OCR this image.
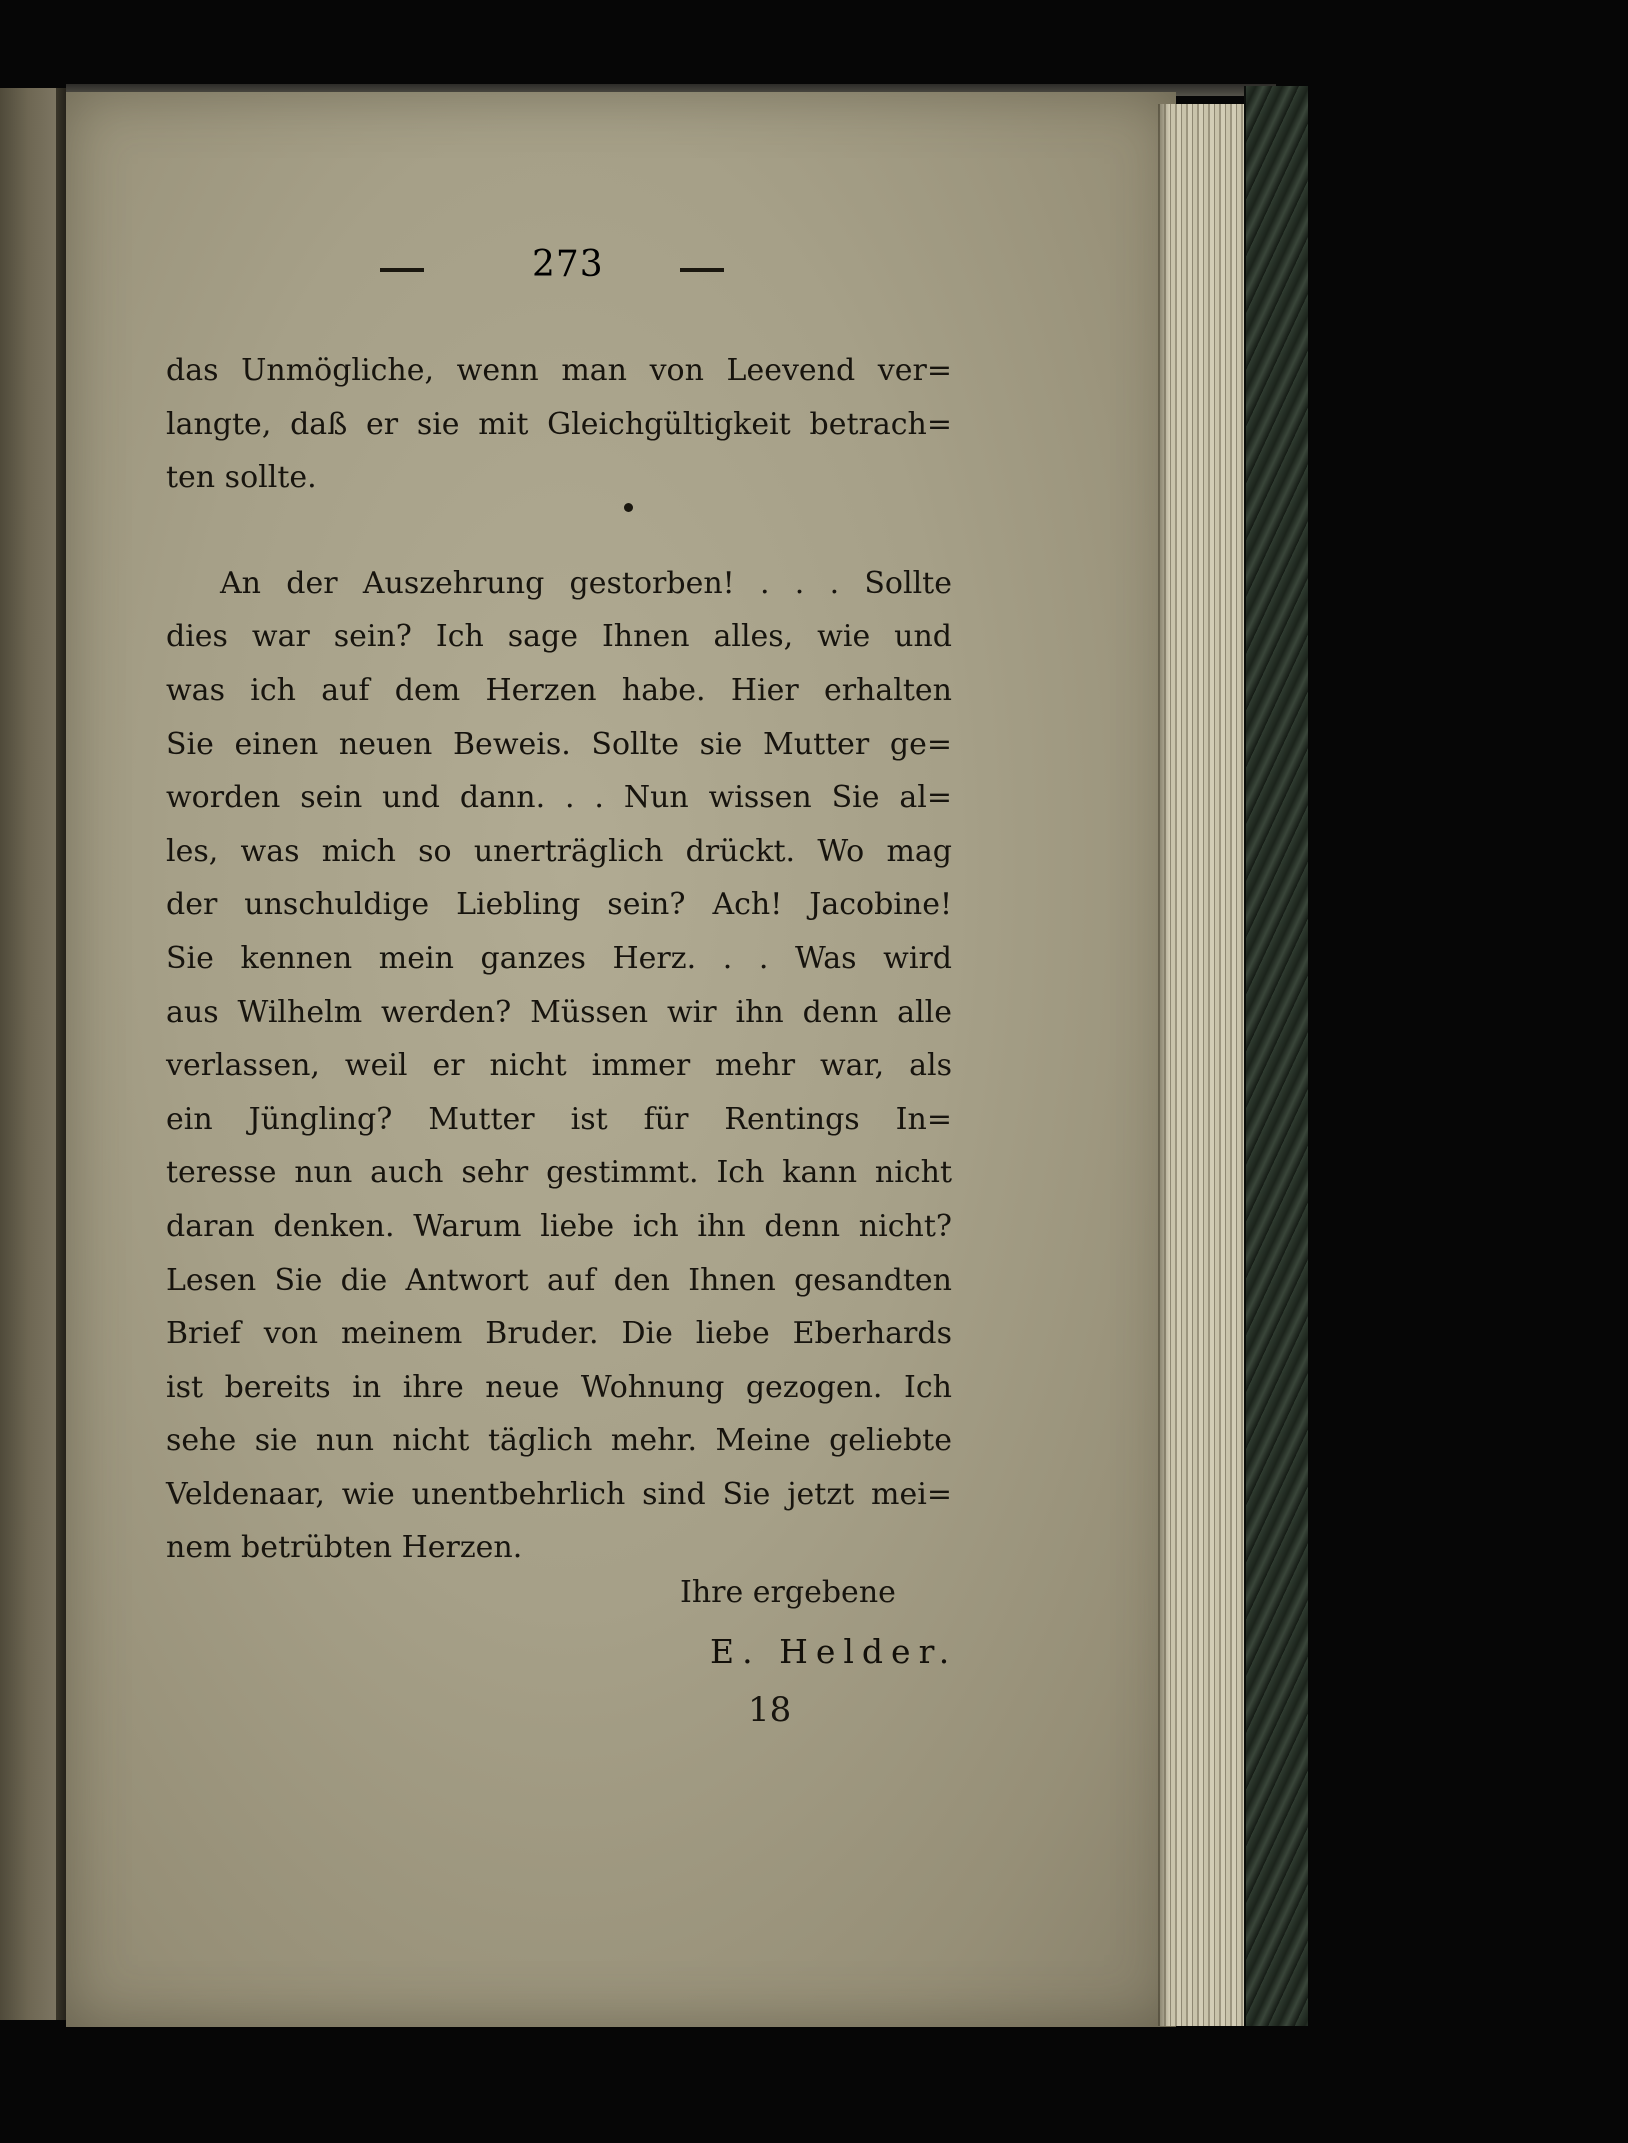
273
das Unmögliche, wenn man von Leevend ver=
langte, daß er sie mit Gleichgültigkeit betrach=
ten sollte.
An der Auszehrung gestorben! . . . Sollte
dies war sein? Ich sage Ihnen alles, wie und
was ich auf dem Herzen habe. Hier erhalten
Sie einen neuen Beweis. Sollte sie Mutter ge=
worden sein und dann. . . Nun wissen Sie al=
les, was mich so unerträglich drückt. Wo mag
der unschuldige Liebling sein? Ach! Jacobine!
Sie kennen mein ganzes Herz. . . Was wird
aus Wilhelm werden? Müssen wir ihn denn alle
verlassen, weil er nicht immer mehr war, als
ein Jüngling? Mutter ist für Rentings In=
teresse nun auch sehr gestimmt. Ich kann nicht
daran denken. Warum liebe ich ihn denn nicht?
Lesen Sie die Antwort auf den Ihnen gesandten
Brief von meinem Bruder. Die liebe Eberhards
ist bereits in ihre neue Wohnung gezogen. Ich
sehe sie nun nicht täglich mehr. Meine geliebte
Veldenaar, wie unentbehrlich sind Sie jetzt mei=
nem betrübten Herzen.
Ihre ergebene
E. Helder.
18
